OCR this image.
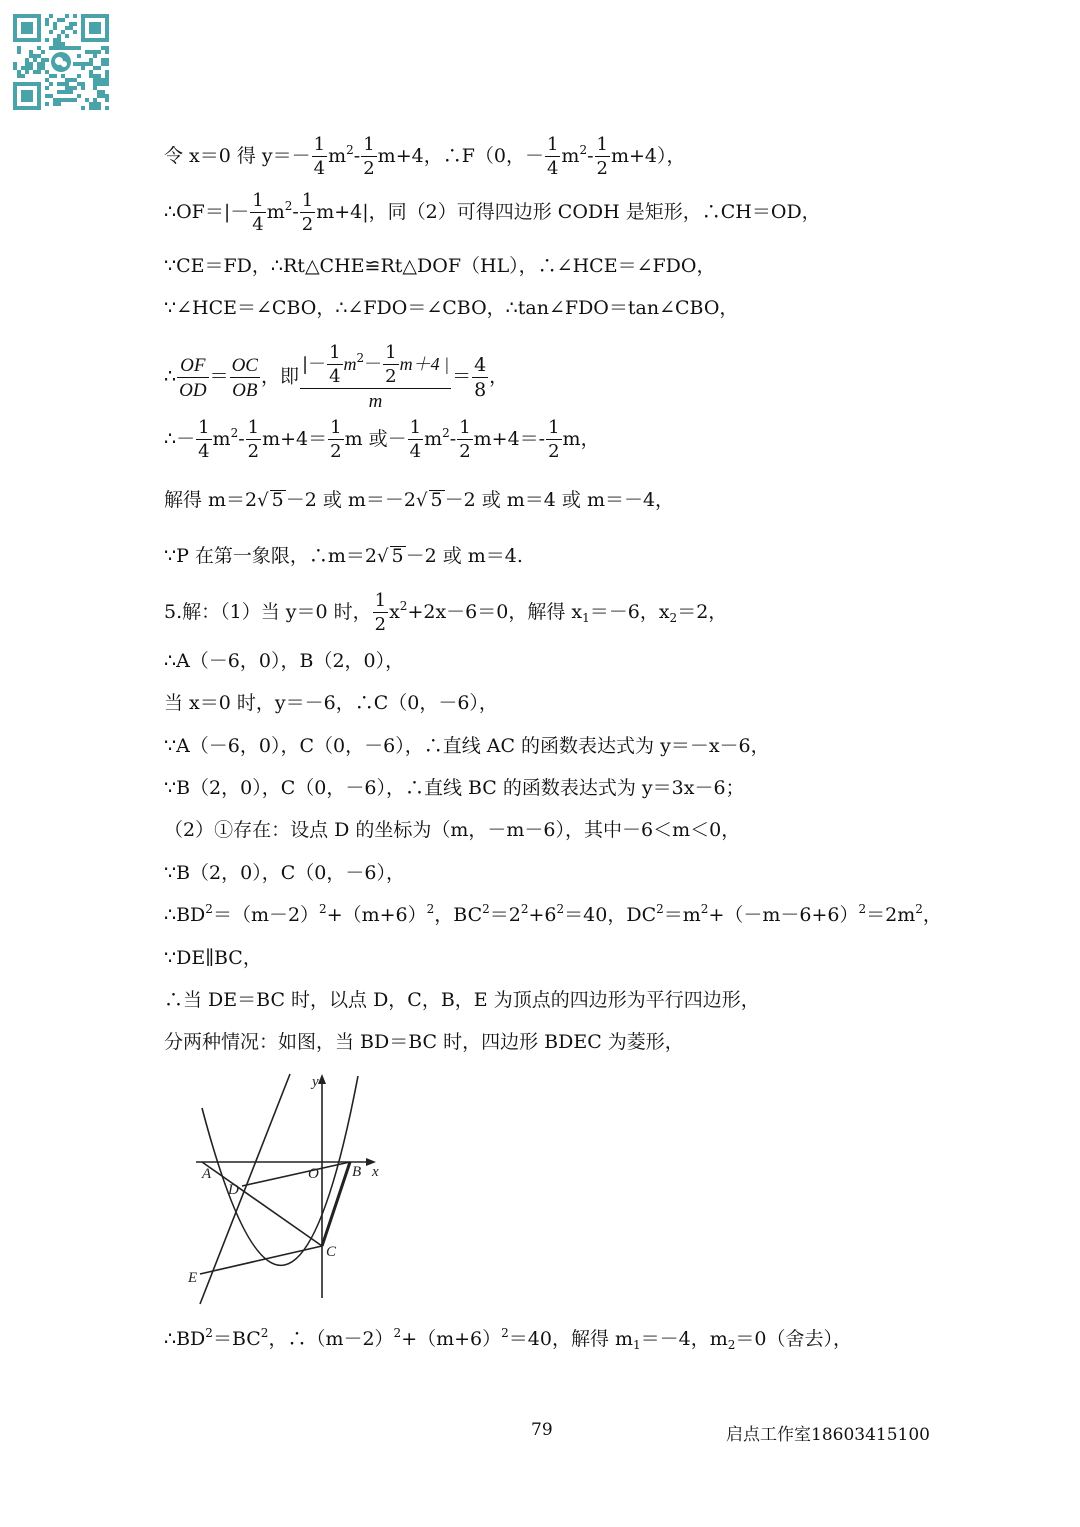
令 x＝0 得 $y=- \frac{1}{4} m^2- \frac{1}{2} m+4$，∴F（0，－ $\frac{1}{4} m^2- \frac{1}{2} m+4$），
∴OF＝|－ $\frac{1}{4} m^2- \frac{1}{2} m+4|$，同（2）可得四边形 CODH 是矩形，∴CH＝OD，
∵CE＝FD，∴Rt△CHE≌Rt△DOF（HL），∴∠HCE＝∠FDO，
∵∠HCE＝∠CBO，∴∠FDO＝∠CBO，∴tan∠FDO＝tan∠CBO，
∴ $\frac{OF}{OD} = \frac{OC}{OB}$ ，即 $\frac{|- \frac{1}{4} m^2- \frac{1}{2} m+4 |}{m} = \frac{4}{8}$ ，
∴－ $\frac{1}{4} m^2- \frac{1}{2} m+4= \frac{1}{2}$ m 或－ $\frac{1}{4} m^2- \frac{1}{2} m+4=- \frac{1}{2}$ m，
解得 m＝2√ 5 －2 或 m＝－2√ 5 －2 或 m＝4 或 m＝－4，
∵P 在第一象限，∴m＝2√ 5 －2 或 m＝4.
5.解：（1）当 y＝0 时， $\frac{1}{2} x^2+2x-6=0$，解得 $x_1=-6$，$x_2=2$，
∴A（－6，0），B（2，0），
当 x＝0 时，y＝－6，∴C（0，－6），
∵A（－6，0），C（0，－6），∴直线 AC 的函数表达式为 y＝－x－6，
∵B（2，0），C（0，－6），∴直线 BC 的函数表达式为 y＝3x－6；
（2）①存在：设点 D 的坐标为（m，－m－6），其中－6＜m＜0，
∵B（2，0），C（0，－6），
$\therefore BD^2=(m-2)^2+(m+6)^2$，$BC^2=2^2+6^2=40$，$DC^2=m^2+(-m-6+6)^2=2m^2$，
∵DE∥BC，
∴当 DE＝BC 时，以点 D，C，B，E 为顶点的四边形为平行四边形，
分两种情况：如图，当 BD＝BC 时，四边形 BDEC 为菱形，
y
x
A	O B
D
C
E
$\therefore BD^2=BC^2$，$\therefore(m-2)^2+(m+6)^2=40$，解得 $m_1=-4$，$m_2=0$（舍去），
79	启点工作室18603415100
